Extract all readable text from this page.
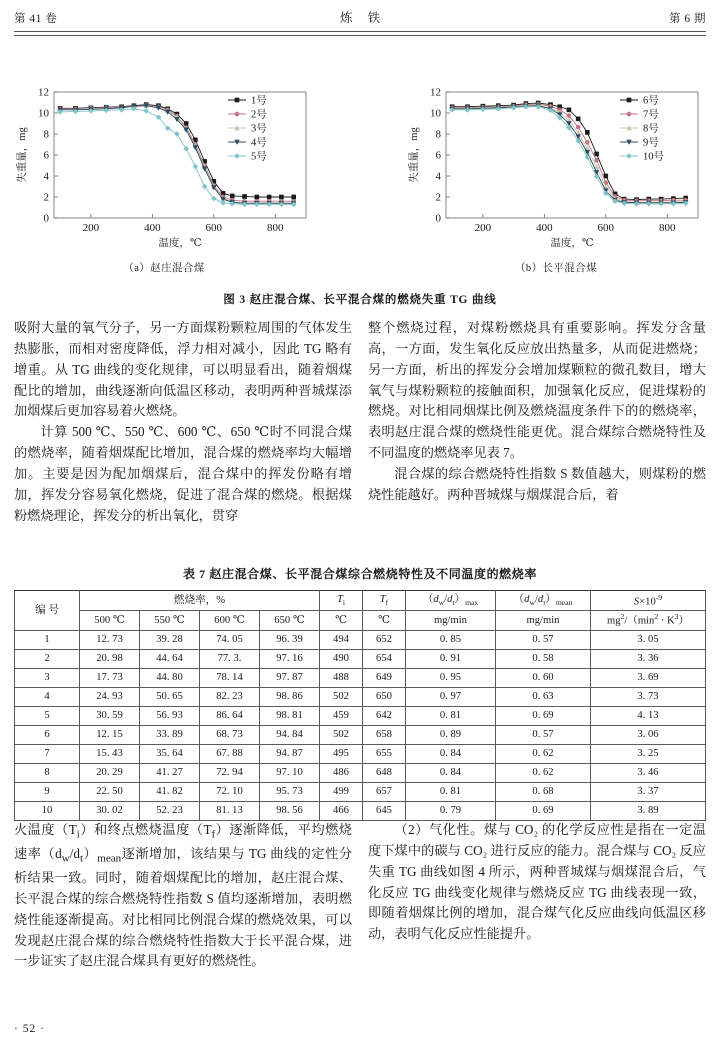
第 41 卷	炼 铁	第 6 期
0
2
4
6
8
10
12
200	400	600	800
温度，℃
失重量，mg
1号
2号
3号
4号
5号
（a）赵庄混合煤
0
2
4
6
8
10
12
200	400	600	800
温度，℃
失重量，mg
6号
7号
8号
9号
10号
（b）长平混合煤
图 3 赵庄混合煤、长平混合煤的燃烧失重 TG 曲线

吸附大量的氧气分子，另一方面煤粉颗粒周围的气体发生热膨胀，而相对密度降低，浮力相对减小，因此 TG 略有增重。从 TG 曲线的变化规律，可以明显看出，随着烟煤配比的增加，曲线逐渐向低温区移动，表明两种晋城煤添加烟煤后更加容易着火燃烧。

计算 500 ℃、550 ℃、600 ℃、650 ℃时不同混合煤的燃烧率，随着烟煤配比增加，混合煤的燃烧率均大幅增加。主要是因为配加烟煤后，混合煤中的挥发份略有增加，挥发分容易氧化燃烧，促进了混合煤的燃烧。根据煤粉燃烧理论，挥发分的析出氧化，贯穿

整个燃烧过程，对煤粉燃烧具有重要影响。挥发分含量高，一方面，发生氧化反应放出热量多，从而促进燃烧；另一方面，析出的挥发分会增加煤颗粒的微孔数目，增大氧气与煤粉颗粒的接触面积，加强氧化反应，促进煤粉的燃烧。对比相同烟煤比例及燃烧温度条件下的的燃烧率，表明赵庄混合煤的燃烧性能更优。混合煤综合燃烧特性及不同温度的燃烧率见表 7。

混合煤的综合燃烧特性指数 S 数值越大，则煤粉的燃烧性能越好。两种晋城煤与烟煤混合后，着

表 7 赵庄混合煤、长平混合煤综合燃烧特性及不同温度的燃烧率
编 号	燃烧率，%				$T_i$	$T_f$	$(d_w/d_t)_{max}$	$(d_w/d_t)_{mean}$	$S\times 10^{-9}$
	500 ℃	550 ℃	600 ℃	650 ℃	℃	℃	mg/min	mg/min	$mg^2/(\min^2 \cdot K^3)$
1	12. 73	39. 28	74. 05	96. 39	494	652	0. 85	0. 57	3. 05
2	20. 98	44. 64	77. 3.	97. 16	490	654	0. 91	0. 58	3. 36
3	17. 73	44. 80	78. 14	97. 87	488	649	0. 95	0. 60	3. 69
4	24. 93	50. 65	82. 23	98. 86	502	650	0. 97	0. 63	3. 73
5	30. 59	56. 93	86. 64	98. 81	459	642	0. 81	0. 69	4. 13
6	12. 15	33. 89	68. 73	94. 84	502	658	0. 89	0. 57	3. 06
7	15. 43	35. 64	67. 88	94. 87	495	655	0. 84	0. 62	3. 25
8	20. 29	41. 27	72. 94	97. 10	486	648	0. 84	0. 62	3. 46
9	22. 50	41. 82	72. 10	95. 73	499	657	0. 81	0. 68	3. 37
10	30. 02	52. 23	81. 13	98. 56	466	645	0. 79	0. 69	3. 89

火温度$(T_i)$和终点燃烧温度$(T_f)$逐渐降低，平均燃烧速率$(d_w/d_t)_{mean}$逐渐增加，该结果与 TG 曲线的定性分析结果一致。同时，随着烟煤配比的增加，赵庄混合煤、长平混合煤的综合燃烧特性指数 S 值均逐渐增加，表明燃烧性能逐渐提高。对比相同比例混合煤的燃烧效果，可以发现赵庄混合煤的综合燃烧特性指数大于长平混合煤，进一步证实了赵庄混合煤具有更好的燃烧性。

（2）气化性。煤与 CO₂ 的化学反应性是指在一定温度下煤中的碳与 CO₂ 进行反应的能力。混合煤与 CO₂ 反应失重 TG 曲线如图 4 所示，两种晋城煤与烟煤混合后，气化反应 TG 曲线变化规律与燃烧反应 TG 曲线表现一致，即随着烟煤比例的增加，混合煤气化反应曲线向低温区移动，表明气化反应性能提升。

· 52 ·
